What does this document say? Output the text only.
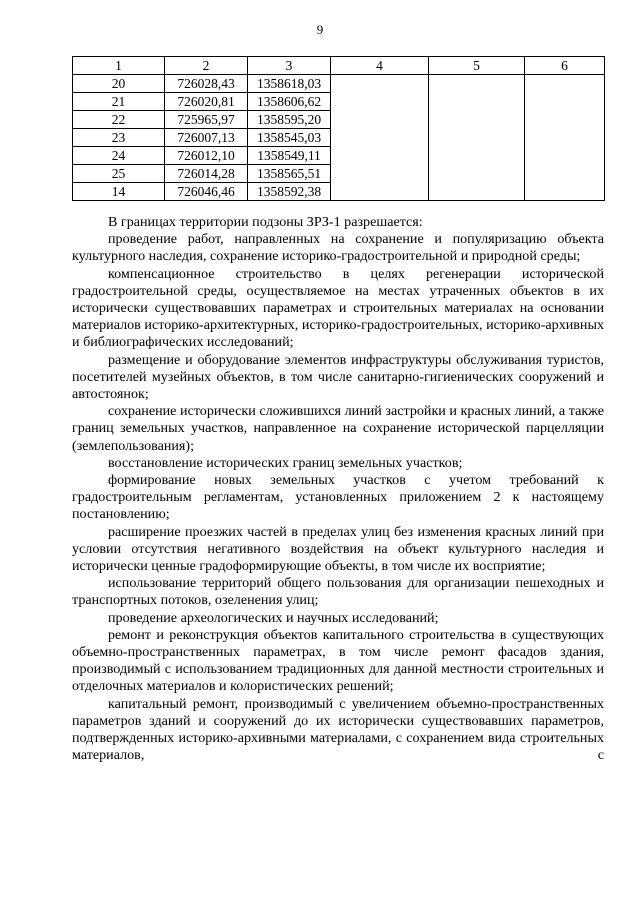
9
1	2	3	4	5	6
20	726028,43	1358618,03			
21	726020,81	1358606,62			
22	725965,97	1358595,20			
23	726007,13	1358545,03			
24	726012,10	1358549,11			
25	726014,28	1358565,51			
14	726046,46	1358592,38			

В границах территории подзоны ЗРЗ-1 разрешается:

проведение работ, направленных на сохранение и популяризацию объекта культурного наследия, сохранение историко-градостроительной и природной среды;

компенсационное строительство в целях регенерации исторической градостроительной среды, осуществляемое на местах утраченных объектов в их исторически существовавших параметрах и строительных материалах на основании материалов историко-архитектурных, историко-градостроительных, историко-архивных и библиографических исследований;

размещение и оборудование элементов инфраструктуры обслуживания туристов, посетителей музейных объектов, в том числе санитарно-гигиенических сооружений и автостоянок;

сохранение исторически сложившихся линий застройки и красных линий, а также границ земельных участков, направленное на сохранение исторической парцелляции (землепользования);

восстановление исторических границ земельных участков;

формирование новых земельных участков с учетом требований к градостроительным регламентам, установленных приложением 2 к настоящему постановлению;

расширение проезжих частей в пределах улиц без изменения красных линий при условии отсутствия негативного воздействия на объект культурного наследия и исторически ценные градоформирующие объекты, в том числе их восприятие;

использование территорий общего пользования для организации пешеходных и транспортных потоков, озеленения улиц;

проведение археологических и научных исследований;

ремонт и реконструкция объектов капитального строительства в существующих объемно-пространственных параметрах, в том числе ремонт фасадов здания, производимый с использованием традиционных для данной местности строительных и отделочных материалов и колористических решений;

капитальный ремонт, производимый с увеличением объемно-пространственных параметров зданий и сооружений до их исторически существовавших параметров, подтвержденных историко-архивными материалами, с сохранением вида строительных материалов, с
